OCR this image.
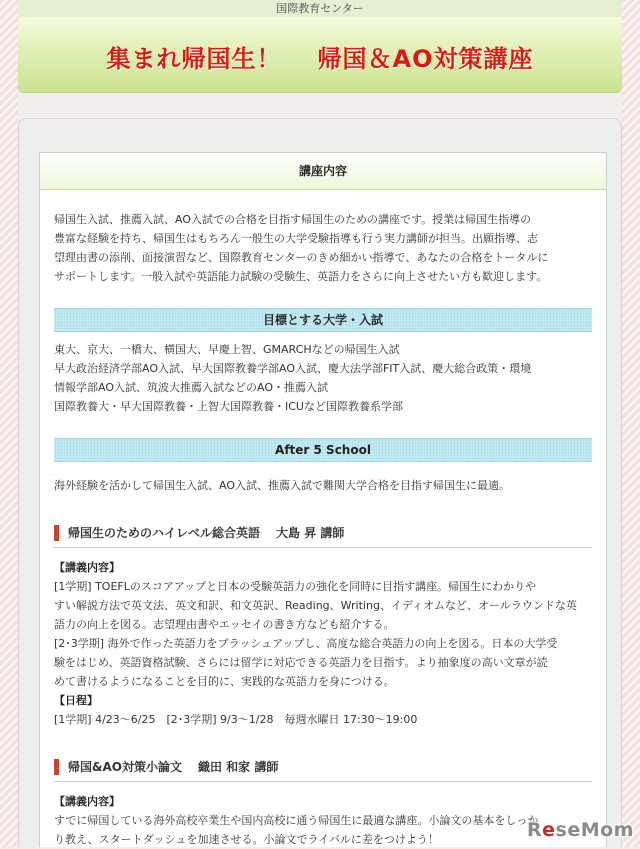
国際教育センター
集まれ帰国生！ 帰国＆AO対策講座
講座内容
帰国生入試、推薦入試、AO入試での合格を目指す帰国生のための講座です。授業は帰国生指導の
豊富な経験を持ち、帰国生はもちろん一般生の大学受験指導も行う実力講師が担当。出願指導、志
望理由書の添削、面接演習など、国際教育センターのきめ細かい指導で、あなたの合格をトータルに
サポートします。一般入試や英語能力試験の受験生、英語力をさらに向上させたい方も歓迎します。
目標とする大学・入試
東大、京大、一橋大、横国大、早慶上智、GMARCHなどの帰国生入試
早大政治経済学部AO入試、早大国際教養学部AO入試、慶大法学部FIT入試、慶大総合政策・環境
情報学部AO入試、筑波大推薦入試などのAO・推薦入試
国際教養大・早大国際教養・上智大国際教養・ICUなど国際教養系学部
After 5 School
海外経験を活かして帰国生入試、AO入試、推薦入試で難関大学合格を目指す帰国生に最適。
帰国生のためのハイレベル総合英語 大島 昇 講師
【講義内容】
[1学期] TOEFLのスコアアップと日本の受験英語力の強化を同時に目指す講座。帰国生にわかりや
すい解説方法で英文法、英文和訳、和文英訳、Reading、Writing、イディオムなど、オールラウンドな英
語力の向上を図る。志望理由書やエッセイの書き方なども紹介する。
[2･3学期] 海外で作った英語力をブラッシュアップし、高度な総合英語力の向上を図る。日本の大学受
験をはじめ、英語資格試験、さらには留学に対応できる英語力を目指す。より抽象度の高い文章が読
めて書けるようになることを目的に、実践的な英語力を身につける。
【日程】
[1学期] 4/23〜6/25　[2･3学期] 9/3〜1/28　毎週水曜日 17:30〜19:00
帰国&AO対策小論文 織田 和家 講師
【講義内容】
すでに帰国している海外高校卒業生や国内高校に通う帰国生に最適な講座。小論文の基本をしっか
り教え、スタートダッシュを加速させる。小論文でライバルに差をつけよう！	ReseMom
